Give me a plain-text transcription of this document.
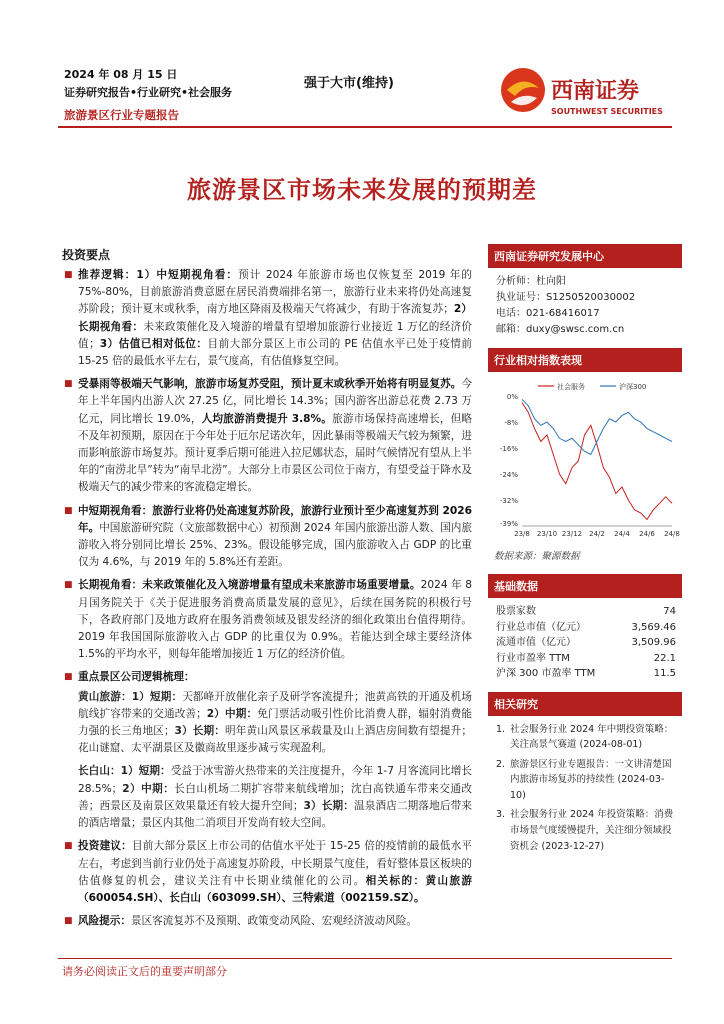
2024 年 08 月 15 日
证券研究报告•行业研究•社会服务
旅游景区行业专题报告
强于大市(维持)	西南证券
SOUTHWEST SECURITIES
旅游景区市场未来发展的预期差
投资要点
■ 推荐逻辑：1）中短期视角看：预计 2024 年旅游市场也仅恢复至 2019 年的 75%-80%，目前旅游消费意愿在居民消费端排名第一，旅游行业未来将仍处高速复苏阶段；预计夏末或秋季，南方地区降雨及极端天气将减少，有助于客流复苏；2）长期视角看：未来政策催化及入境游的增量有望增加旅游行业接近 1 万亿的经济价值；3）估值已相对低位：目前大部分景区上市公司的 PE 估值水平已处于疫情前 15-25 倍的最低水平左右，景气度高，有估值修复空间。
■ 受暴雨等极端天气影响，旅游市场复苏受阻，预计夏末或秋季开始将有明显复苏。今年上半年国内出游人次 27.25 亿，同比增长 14.3%；国内游客出游总花费 2.73 万亿元，同比增长 19.0%，人均旅游消费提升 3.8%。旅游市场保持高速增长，但略不及年初预期，原因在于今年处于厄尔尼诺次年，因此暴雨等极端天气较为频繁，进而影响旅游市场复苏。预计夏季后期可能进入拉尼娜状态，届时气候情况有望从上半年的“南涝北旱”转为“南旱北涝”。大部分上市景区公司位于南方，有望受益于降水及极端天气的减少带来的客流稳定增长。
■ 中短期视角看：旅游行业将仍处高速复苏阶段，旅游行业预计至少高速复苏到 2026 年。中国旅游研究院（文旅部数据中心）初预测 2024 年国内旅游出游人数、国内旅游收入将分别同比增长 25%、23%。假设能够完成，国内旅游收入占 GDP 的比重仅为 4.6%，与 2019 年的 5.8%还有差距。
■ 长期视角看：未来政策催化及入境游增量有望成未来旅游市场重要增量。2024 年 8 月国务院关于《关于促进服务消费高质量发展的意见》，后续在国务院的积极行号下，各政府部门及地方政府在服务消费领域及银发经济的细化政策出台值得期待。2019 年我国国际旅游收入占 GDP 的比重仅为 0.9%。若能达到全球主要经济体 1.5%的平均水平，则每年能增加接近 1 万亿的经济价值。
■ 重点景区公司逻辑梳理：
黄山旅游：1）短期：天都峰开放催化亲子及研学客流提升；池黄高铁的开通及机场航线扩容带来的交通改善；2）中期：免门票活动吸引性价比消费人群，辐射消费能力强的长三角地区；3）长期：明年黄山风景区承载量及山上酒店房间数有望提升；花山谜窟、太平湖景区及徽商故里逐步减亏实现盈利。
长白山：1）短期：受益于冰雪游火热带来的关注度提升，今年 1-7 月客流同比增长 28.5%；2）中期：长白山机场二期扩容带来航线增加；沈白高铁通车带来交通改善；西景区及南景区效果量还有较大提升空间；3）长期：温泉酒店二期落地后带来的酒店增量；景区内其他二消项目开发尚有较大空间。
■ 投资建议：目前大部分景区上市公司的估值水平处于 15-25 倍的疫情前的最低水平左右，考虑到当前行业仍处于高速复苏阶段，中长期景气度佳，看好整体景区板块的估值修复的机会，建议关注有中长期业绩催化的公司。相关标的：黄山旅游（600054.SH）、长白山（603099.SH）、三特索道（002159.SZ）。
■ 风险提示：景区客流复苏不及预期、政策变动风险、宏观经济波动风险。
西南证券研究发展中心
分析师：杜向阳
执业证号：S1250520030002
电话：021-68416017
邮箱：duxy@swsc.com.cn
行业相对指数表现
0%
-8%
-16%
-24%
-32%
-39%
23/8 23/10 23/12 24/2 24/4 24/6 24/8
社会服务	沪深300
数据来源：聚源数据
基础数据
股票家数	74
行业总市值（亿元）	3,569.46
流通市值（亿元）	3,509.96
行业市盈率 TTM	22.1
沪深 300 市盈率 TTM	11.5
相关研究
1. 社会服务行业 2024 年中期投资策略：关注高景气赛道 (2024-08-01)
2. 旅游景区行业专题报告：一文讲清楚国内旅游市场复苏的持续性 (2024-03-10)
3. 社会服务行业 2024 年投资策略：消费市场景气度缓慢提升，关注细分领域投资机会 (2023-12-27)
请务必阅读正文后的重要声明部分
